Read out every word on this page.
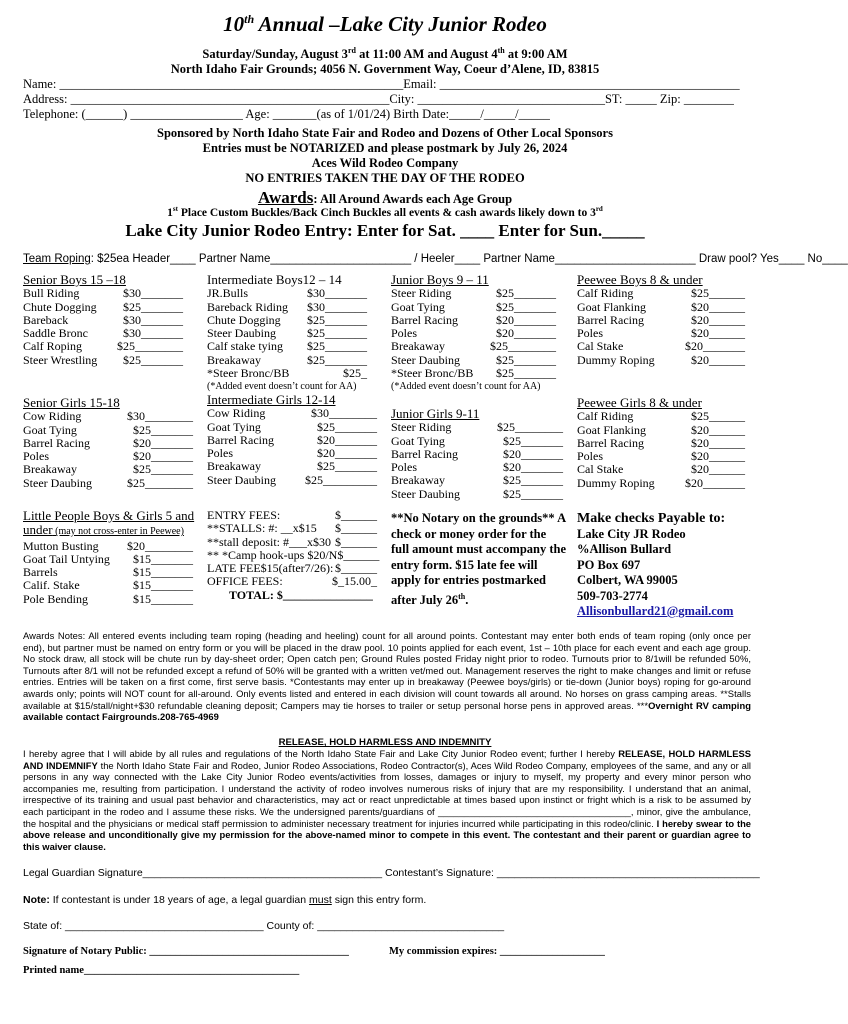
10th Annual –Lake City Junior Rodeo
Saturday/Sunday, August 3rd at 11:00 AM and August 4th at 9:00 AM
North Idaho Fair Grounds; 4056 N. Government Way, Coeur d’Alene, ID, 83815
Name: _______________________________________________________Email: ________________________________________________
Address: ___________________________________________________City: ______________________________ST: _____ Zip: ________
Telephone: (______) __________________ Age: _______(as of 1/01/24) Birth Date:_____/_____/_____
Sponsored by North Idaho State Fair and Rodeo and Dozens of Other Local Sponsors
Entries must be NOTARIZED and please postmark by July 26, 2024
Aces Wild Rodeo Company
NO ENTRIES TAKEN THE DAY OF THE RODEO
Awards: All Around Awards each Age Group
1st Place Custom Buckles/Back Cinch Buckles all events & cash awards likely down to 3rd
Lake City Junior Rodeo Entry: Enter for Sat. ____ Enter for Sun._____
Team Roping: $25ea Header____ Partner Name______________________ / Heeler____ Partner Name______________________ Draw pool? Yes____ No____
Senior Boys 15 –18
Bull Riding	$30_______
Chute Dogging $25_______
Bareback	$30_______
Saddle Bronc	$30_______
Calf Roping	$25________
Steer Wrestling $25_______
Intermediate Boys12 – 14
JR.Bulls	$30_______
Bareback Riding $30_______
Chute Dogging $25_______
Steer Daubing	$25_______
Calf stake tying $25_______
Breakaway	$25_______
*Steer Bronc/BB	$25_
(*Added event doesn’t count for AA)
Junior Boys 9 – 11
Steer Riding	$25_______
Goat Tying	$25_______
Barrel Racing	$20_______
Poles	$20_______
Breakaway	$25________
Steer Daubing	$25_______
*Steer Bronc/BB $25_______
(*Added event doesn’t count for AA)
Peewee Boys 8 & under
Calf Riding	$25______
Goat Flanking	$20______
Barrel Racing	$20______
Poles	$20______
Cal Stake	$20_______
Dummy Roping	$20______
Senior Girls 15-18
Cow Riding	$30________
Goat Tying	$25_______
Barrel Racing	$20_______
Poles	$20_______
Breakaway	$25_______
Steer Daubing	$25________
Intermediate Girls 12-14
Cow Riding	$30________
Goat Tying	$25_______
Barrel Racing	$20_______
Poles	$20_______
Breakaway	$25_______
Steer Daubing $25_________
Junior Girls 9-11
Steer Riding	$25________
Goat Tying	$25_______
Barrel Racing	$20_______
Poles	$20_______
Breakaway	$25_______
Steer Daubing	$25_______
Peewee Girls 8 & under
Calf Riding	$25______
Goat Flanking	$20______
Barrel Racing	$20______
Poles	$20______
Cal Stake	$20______
Dummy Roping	$20_______
Little People Boys & Girls 5 and
under (may not cross-enter in Peewee)
Mutton Busting $20________
Goat Tail Untying $15_______
Barrels	$15_______
Calif. Stake	$15_______
Pole Bending	$15_______
ENTRY FEES:	$______
**STALLS: #: __x$15 $______
**stall deposit: #___x$30 $______
** *Camp hook-ups $20/N $______
LATE FEE$15(after7/26): $______
OFFICE FEES:	$_15.00_
TOTAL: $_______________
**No Notary on the grounds** A check or money order for the full amount must accompany the entry form. $15 late fee will apply for entries postmarked after July 26th.
Make checks Payable to:
Lake City JR Rodeo
%Allison Bullard
PO Box 697
Colbert, WA 99005
509-703-2774
Allisonbullard21@gmail.com
Awards Notes: All entered events including team roping (heading and heeling) count for all around points. Contestant may enter both ends of team roping (only once per end), but partner must be named on entry form or you will be placed in the draw pool. 10 points applied for each event, 1st – 10th place for each event and each age group. No stock draw, all stock will be chute run by day-sheet order; Open catch pen; Ground Rules posted Friday night prior to rodeo. Turnouts prior to 8/1will be refunded 50%, Turnouts after 8/1 will not be refunded except a refund of 50% will be granted with a written vet/med out. Management reserves the right to make changes and limit or refuse entries. Entries will be taken on a first come, first serve basis. *Contestants may enter up in breakaway (Peewee boys/girls) or tie-down (Junior boys) roping for go-around awards only; points will NOT count for all-around. Only events listed and entered in each division will count towards all around. No horses on grass camping areas. **Stalls available at $15/stall/night+$30 refundable cleaning deposit; Campers may tie horses to trailer or setup personal horse pens in approved areas. ***Overnight RV camping available contact Fairgrounds.208-765-4969
RELEASE, HOLD HARMLESS AND INDEMNITY
I hereby agree that I will abide by all rules and regulations of the North Idaho State Fair and Lake City Junior Rodeo event; further I hereby RELEASE, HOLD HARMLESS AND INDEMNIFY the North Idaho State Fair and Rodeo, Junior Rodeo Associations, Rodeo Contractor(s), Aces Wild Rodeo Company, employees of the same, and any or all persons in any way connected with the Lake City Junior Rodeo events/activities from losses, damages or injury to myself, my property and every minor person who accompanies me, resulting from participation. I understand the activity of rodeo involves numerous risks of injury that are my responsibility. I understand that an animal, irrespective of its training and usual past behavior and characteristics, may act or react unpredictable at times based upon instinct or fright which is a risk to be assumed by each participant in the rodeo and I assume these risks. We the undersigned parents/guardians of _____________________________________, minor, give the ambulance, the hospital and the physicians or medical staff permission to administer necessary treatment for injuries incurred while participating in this rodeo/clinic. I hereby swear to the above release and unconditionally give my permission for the above-named minor to compete in this event. The contestant and their parent or guardian agree to this waiver clause.
Legal Guardian Signature_________________________________________ Contestant’s Signature: _____________________________________________
Note: If contestant is under 18 years of age, a legal guardian must sign this entry form.
State of: __________________________________ County of: ________________________________
Signature of Notary Public: ______________________________________	My commission expires: ____________________
Printed name_________________________________________
